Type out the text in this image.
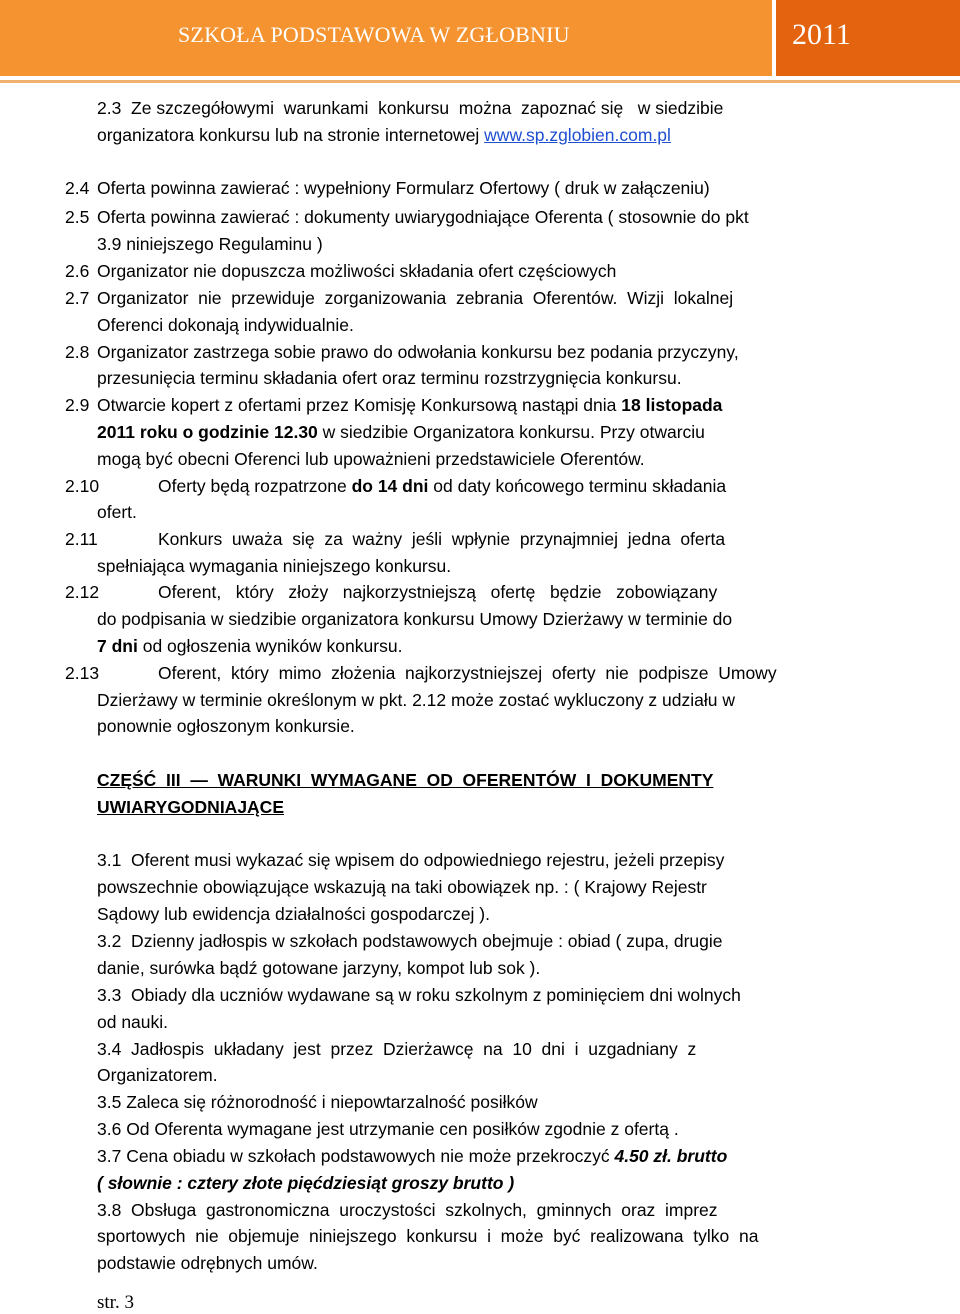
SZKOŁA PODSTAWOWA W ZGŁOBNIU	2011
2.3  Ze szczegółowymi  warunkami  konkursu  można  zapoznać się   w siedzibie
organizatora konkursu lub na stronie internetowej www.sp.zglobien.com.pl
2.4 Oferta powinna zawierać : wypełniony Formularz Ofertowy ( druk w załączeniu)
2.5 Oferta powinna zawierać : dokumenty uwiarygodniające Oferenta ( stosownie do pkt
3.9 niniejszego Regulaminu )
2.6 Organizator nie dopuszcza możliwości składania ofert częściowych
2.7 Organizator  nie  przewiduje  zorganizowania  zebrania  Oferentów.  Wizji  lokalnej
Oferenci dokonają indywidualnie.
2.8 Organizator zastrzega sobie prawo do odwołania konkursu bez podania przyczyny,
przesunięcia terminu składania ofert oraz terminu rozstrzygnięcia konkursu.
2.9 Otwarcie kopert z ofertami przez Komisję Konkursową nastąpi dnia 18 listopada
2011 roku o godzinie 12.30 w siedzibie Organizatora konkursu. Przy otwarciu
mogą być obecni Oferenci lub upoważnieni przedstawiciele Oferentów.
2.10	Oferty będą rozpatrzone do 14 dni od daty końcowego terminu składania
ofert.
2.11	Konkurs  uważa  się  za  ważny  jeśli  wpłynie  przynajmniej  jedna  oferta
spełniająca wymagania niniejszego konkursu.
2.12	Oferent,   który   złoży   najkorzystniejszą   ofertę   będzie   zobowiązany
do podpisania w siedzibie organizatora konkursu Umowy Dzierżawy w terminie do
7 dni od ogłoszenia wyników konkursu.
2.13	Oferent,  który  mimo  złożenia  najkorzystniejszej  oferty  nie  podpisze  Umowy
Dzierżawy w terminie określonym w pkt. 2.12 może zostać wykluczony z udziału w
ponownie ogłoszonym konkursie.
CZĘŚĆ  III  —  WARUNKI  WYMAGANE  OD  OFERENTÓW  I  DOKUMENTY
UWIARYGODNIAJĄCE
3.1  Oferent musi wykazać się wpisem do odpowiedniego rejestru, jeżeli przepisy
powszechnie obowiązujące wskazują na taki obowiązek np. : ( Krajowy Rejestr
Sądowy lub ewidencja działalności gospodarczej ).
3.2  Dzienny jadłospis w szkołach podstawowych obejmuje : obiad ( zupa, drugie
danie, surówka bądź gotowane jarzyny, kompot lub sok ).
3.3  Obiady dla uczniów wydawane są w roku szkolnym z pominięciem dni wolnych
od nauki.
3.4  Jadłospis  układany  jest  przez  Dzierżawcę  na  10  dni  i  uzgadniany  z
Organizatorem.
3.5 Zaleca się różnorodność i niepowtarzalność posiłków
3.6 Od Oferenta wymagane jest utrzymanie cen posiłków zgodnie z ofertą .
3.7 Cena obiadu w szkołach podstawowych nie może przekroczyć 4.50 zł. brutto
( słownie : cztery złote pięćdziesiąt groszy brutto )
3.8  Obsługa  gastronomiczna  uroczystości  szkolnych,  gminnych  oraz  imprez
sportowych  nie  objemuje  niniejszego  konkursu  i  może  być  realizowana  tylko  na
podstawie odrębnych umów.
str. 3
